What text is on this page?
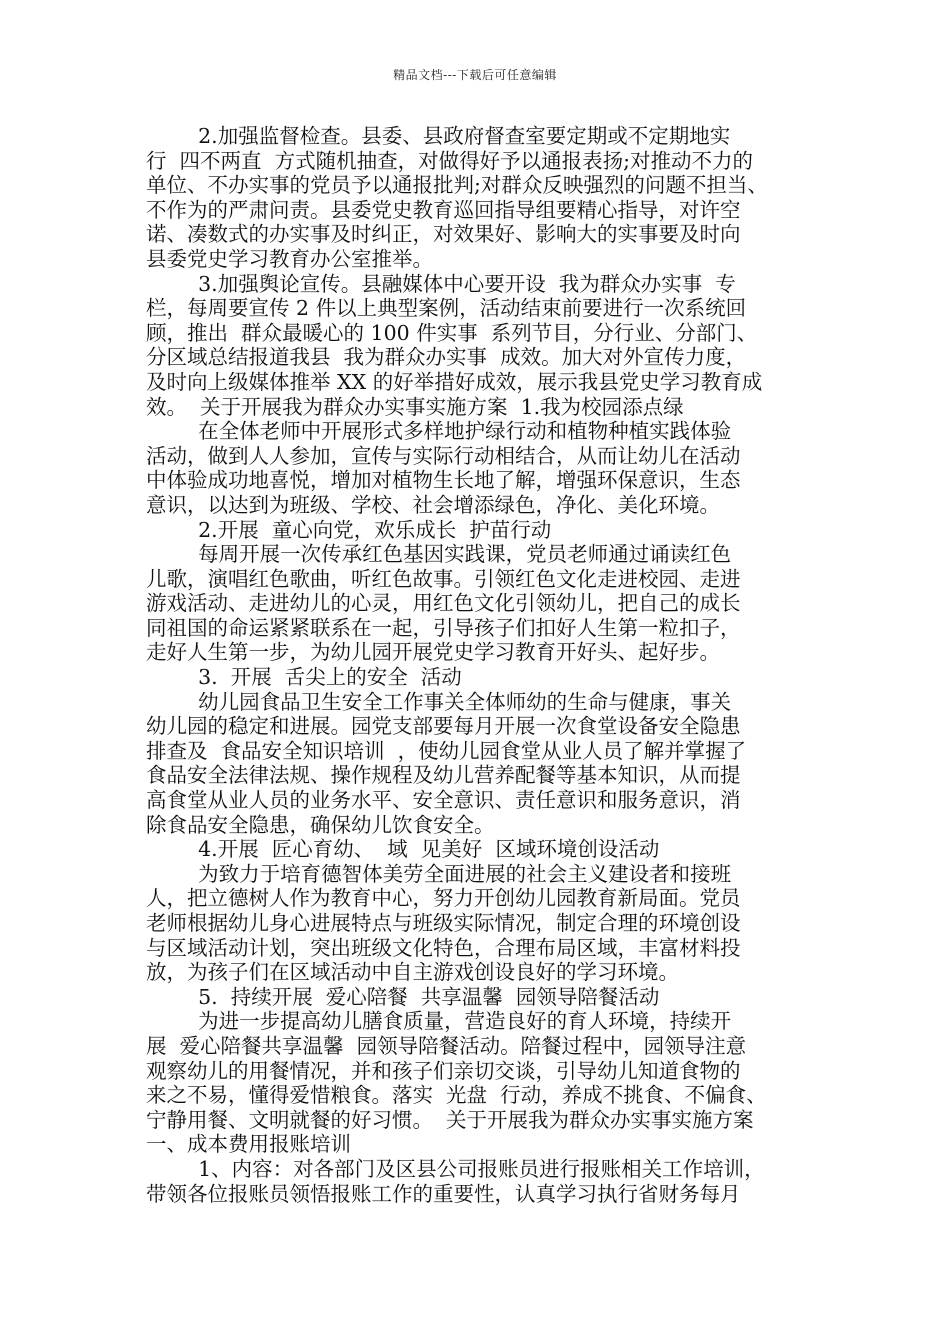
精品文档---下载后可任意编辑
2.加强监督检查。县委、县政府督查室要定期或不定期地实
行  四不两直  方式随机抽查，对做得好予以通报表扬;对推动不力的
单位、不办实事的党员予以通报批判;对群众反映强烈的问题不担当、
不作为的严肃问责。县委党史教育巡回指导组要精心指导，对许空
诺、凑数式的办实事及时纠正，对效果好、影响大的实事要及时向
县委党史学习教育办公室推举。
3.加强舆论宣传。县融媒体中心要开设  我为群众办实事  专
栏，每周要宣传 2 件以上典型案例，活动结束前要进行一次系统回
顾，推出  群众最暖心的 100 件实事  系列节目，分行业、分部门、
分区域总结报道我县  我为群众办实事  成效。加大对外宣传力度，
及时向上级媒体推举 XX 的好举措好成效，展示我县党史学习教育成
效。  关于开展我为群众办实事实施方案  1.我为校园添点绿
在全体老师中开展形式多样地护绿行动和植物种植实践体验
活动，做到人人参加，宣传与实际行动相结合，从而让幼儿在活动
中体验成功地喜悦，增加对植物生长地了解，增强环保意识，生态
意识，以达到为班级、学校、社会增添绿色，净化、美化环境。
2.开展  童心向党，欢乐成长  护苗行动
每周开展一次传承红色基因实践课，党员老师通过诵读红色
儿歌，演唱红色歌曲，听红色故事。引领红色文化走进校园、走进
游戏活动、走进幼儿的心灵，用红色文化引领幼儿，把自己的成长
同祖国的命运紧紧联系在一起，引导孩子们扣好人生第一粒扣子，
走好人生第一步，为幼儿园开展党史学习教育开好头、起好步。
3.  开展  舌尖上的安全  活动
幼儿园食品卫生安全工作事关全体师幼的生命与健康，事关
幼儿园的稳定和进展。园党支部要每月开展一次食堂设备安全隐患
排查及  食品安全知识培训  ，使幼儿园食堂从业人员了解并掌握了
食品安全法律法规、操作规程及幼儿营养配餐等基本知识，从而提
高食堂从业人员的业务水平、安全意识、责任意识和服务意识，消
除食品安全隐患，确保幼儿饮食安全。
4.开展  匠心育幼、  域  见美好  区域环境创设活动
为致力于培育德智体美劳全面进展的社会主义建设者和接班
人，把立德树人作为教育中心，努力开创幼儿园教育新局面。党员
老师根据幼儿身心进展特点与班级实际情况，制定合理的环境创设
与区域活动计划，突出班级文化特色，合理布局区域，丰富材料投
放，为孩子们在区域活动中自主游戏创设良好的学习环境。
5.  持续开展  爱心陪餐  共享温馨  园领导陪餐活动
为进一步提高幼儿膳食质量，营造良好的育人环境，持续开
展  爱心陪餐共享温馨  园领导陪餐活动。陪餐过程中，园领导注意
观察幼儿的用餐情况，并和孩子们亲切交谈，引导幼儿知道食物的
来之不易，懂得爱惜粮食。落实  光盘  行动，养成不挑食、不偏食、
宁静用餐、文明就餐的好习惯。  关于开展我为群众办实事实施方案
一、成本费用报账培训
1、内容：对各部门及区县公司报账员进行报账相关工作培训，
带领各位报账员领悟报账工作的重要性，认真学习执行省财务每月
